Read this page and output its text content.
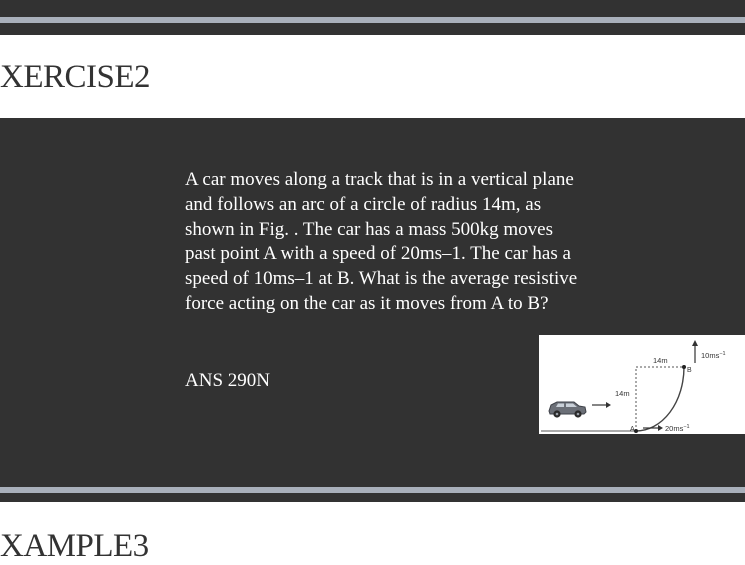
XERCISE2

A car moves along a track that is in a vertical plane and follows an arc of a circle of radius 14m, as shown in Fig. . The car has a mass 500kg moves past point A with a speed of 20ms–1. The car has a speed of 10ms–1 at B. What is the average resistive force acting on the car as it moves from A to B?

ANS 290N

14m
14m
$10ms^{-1}$
$20ms^{-1}$
A
B
XAMPLE3
